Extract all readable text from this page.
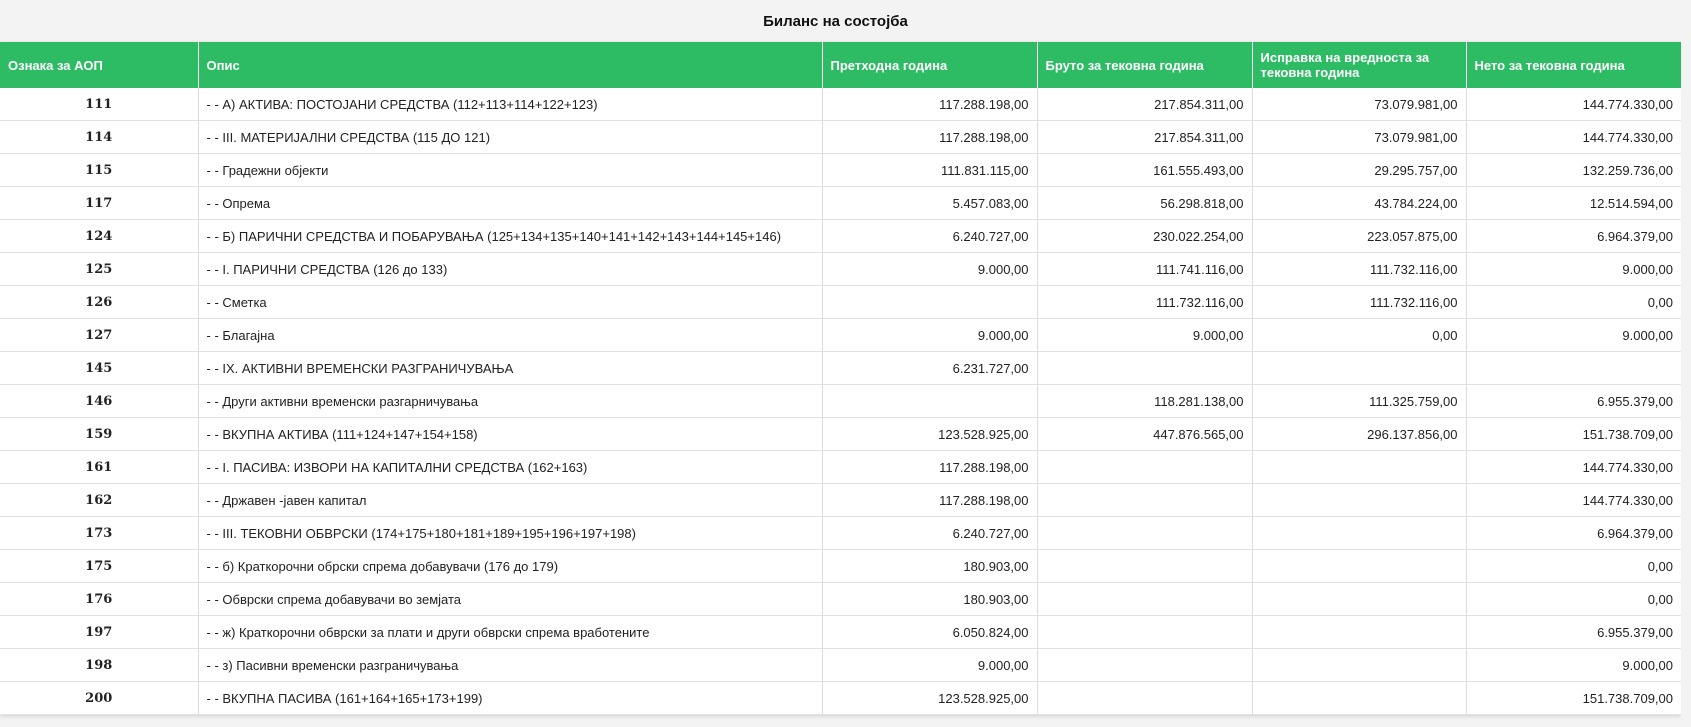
Биланс на состојба
Ознака за АОП	Опис	Претходна година	Бруто за тековна година	Исправка на вредноста за тековна година	Нето за тековна година
111	- - А) АКТИВА: ПОСТОЈАНИ СРЕДСТВА (112+113+114+122+123)	117.288.198,00	217.854.311,00	73.079.981,00	144.774.330,00
114	- - III. МАТЕРИЈАЛНИ СРЕДСТВА (115 ДО 121)	117.288.198,00	217.854.311,00	73.079.981,00	144.774.330,00
115	- - Градежни објекти	111.831.115,00	161.555.493,00	29.295.757,00	132.259.736,00
117	- - Опрема	5.457.083,00	56.298.818,00	43.784.224,00	12.514.594,00
124	- - Б) ПАРИЧНИ СРЕДСТВА И ПОБАРУВАЊА (125+134+135+140+141+142+143+144+145+146)	6.240.727,00	230.022.254,00	223.057.875,00	6.964.379,00
125	- - I. ПАРИЧНИ СРЕДСТВА (126 до 133)	9.000,00	111.741.116,00	111.732.116,00	9.000,00
126	- - Сметка		111.732.116,00	111.732.116,00	0,00
127	- - Благајна	9.000,00	9.000,00	0,00	9.000,00
145	- - IX. АКТИВНИ ВРЕМЕНСКИ РАЗГРАНИЧУВАЊА	6.231.727,00			
146	- - Други активни временски разгарничувања		118.281.138,00	111.325.759,00	6.955.379,00
159	- - ВКУПНА АКТИВА (111+124+147+154+158)	123.528.925,00	447.876.565,00	296.137.856,00	151.738.709,00
161	- - I. ПАСИВА: ИЗВОРИ НА КАПИТАЛНИ СРЕДСТВА (162+163)	117.288.198,00			144.774.330,00
162	- - Државен -јавен капитал	117.288.198,00			144.774.330,00
173	- - III. ТЕКОВНИ ОБВРСКИ (174+175+180+181+189+195+196+197+198)	6.240.727,00			6.964.379,00
175	- - б) Краткорочни обрски спрема добавувачи (176 до 179)	180.903,00			0,00
176	- - Обврски спрема добавувачи во земјата	180.903,00			0,00
197	- - ж) Краткорочни обврски за плати и други обврски спрема вработените	6.050.824,00			6.955.379,00
198	- - з) Пасивни временски разграничувања	9.000,00			9.000,00
200	- - ВКУПНА ПАСИВА (161+164+165+173+199)	123.528.925,00			151.738.709,00
